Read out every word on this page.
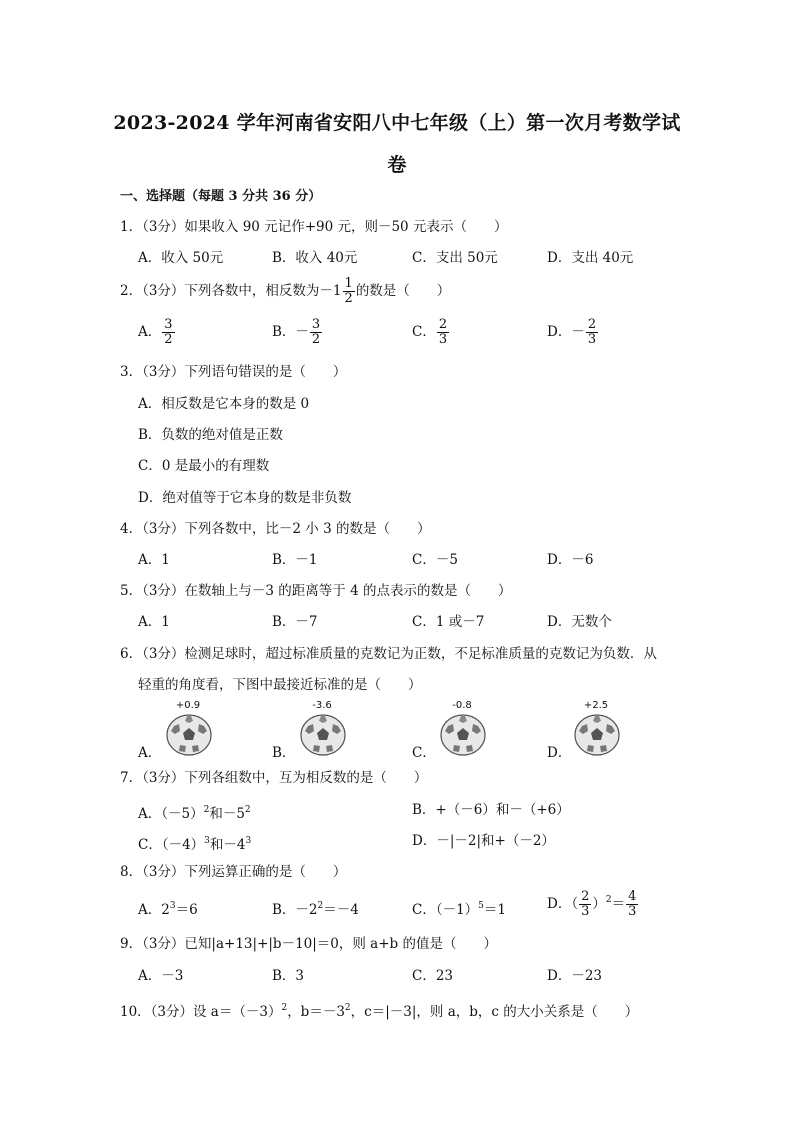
2023-2024 学年河南省安阳八中七年级（上）第一次月考数学试
卷
一、选择题（每题 3 分共 36 分）
1．（3分）如果收入 90 元记作+90 元，则－50 元表示（　　）
A．收入 50元	B．收入 40元	C．支出 50元	D．支出 40元
2．（3分）下列各数中，相反数为$-1 \frac{1}{2}$ 的数是（　　）
A． $\frac{3}{2}$	B．－ $\frac{3}{2}$	C． $\frac{2}{3}$	D．－ $\frac{2}{3}$
3．（3分）下列语句错误的是（　　）
A．相反数是它本身的数是 0
B．负数的绝对值是正数
C．0 是最小的有理数
D．绝对值等于它本身的数是非负数
4．（3分）下列各数中，比－2 小 3 的数是（　　）
A．1	B．－1	C．－5	D．－6
5．（3分）在数轴上与－3 的距离等于 4 的点表示的数是（　　）
A．1	B．－7	C．1 或－7	D．无数个
6．（3分）检测足球时，超过标准质量的克数记为正数，不足标准质量的克数记为负数．从
轻重的角度看，下图中最接近标准的是（　　）
A．
+0.9
B．
-3.6
C．
-0.8
D．
+2.5
7．（3分）下列各组数中，互为相反数的是（　　）
A．$(-5)^2$和$-5^2$	B．+（－6）和－（+6）
C．$(-4)^3$和$-4^3$	D．－|－2|和+（－2）
8．（3分）下列运算正确的是（　　）
A．$2^3=6$	B．$-2^2=-4$	C．$(-1)^5=1$	D．（ $\frac{2}{3} )^2= \frac{4}{3}$
9．（3分）已知|a+13|+|b－10|＝0，则 a+b 的值是（　　）
A．－3	B．3	C．23	D．－23
10．（3分）设 $a=(-3)^2$，$b=-3^2$，c＝|－3|，则 a，b，c 的大小关系是（　　）
